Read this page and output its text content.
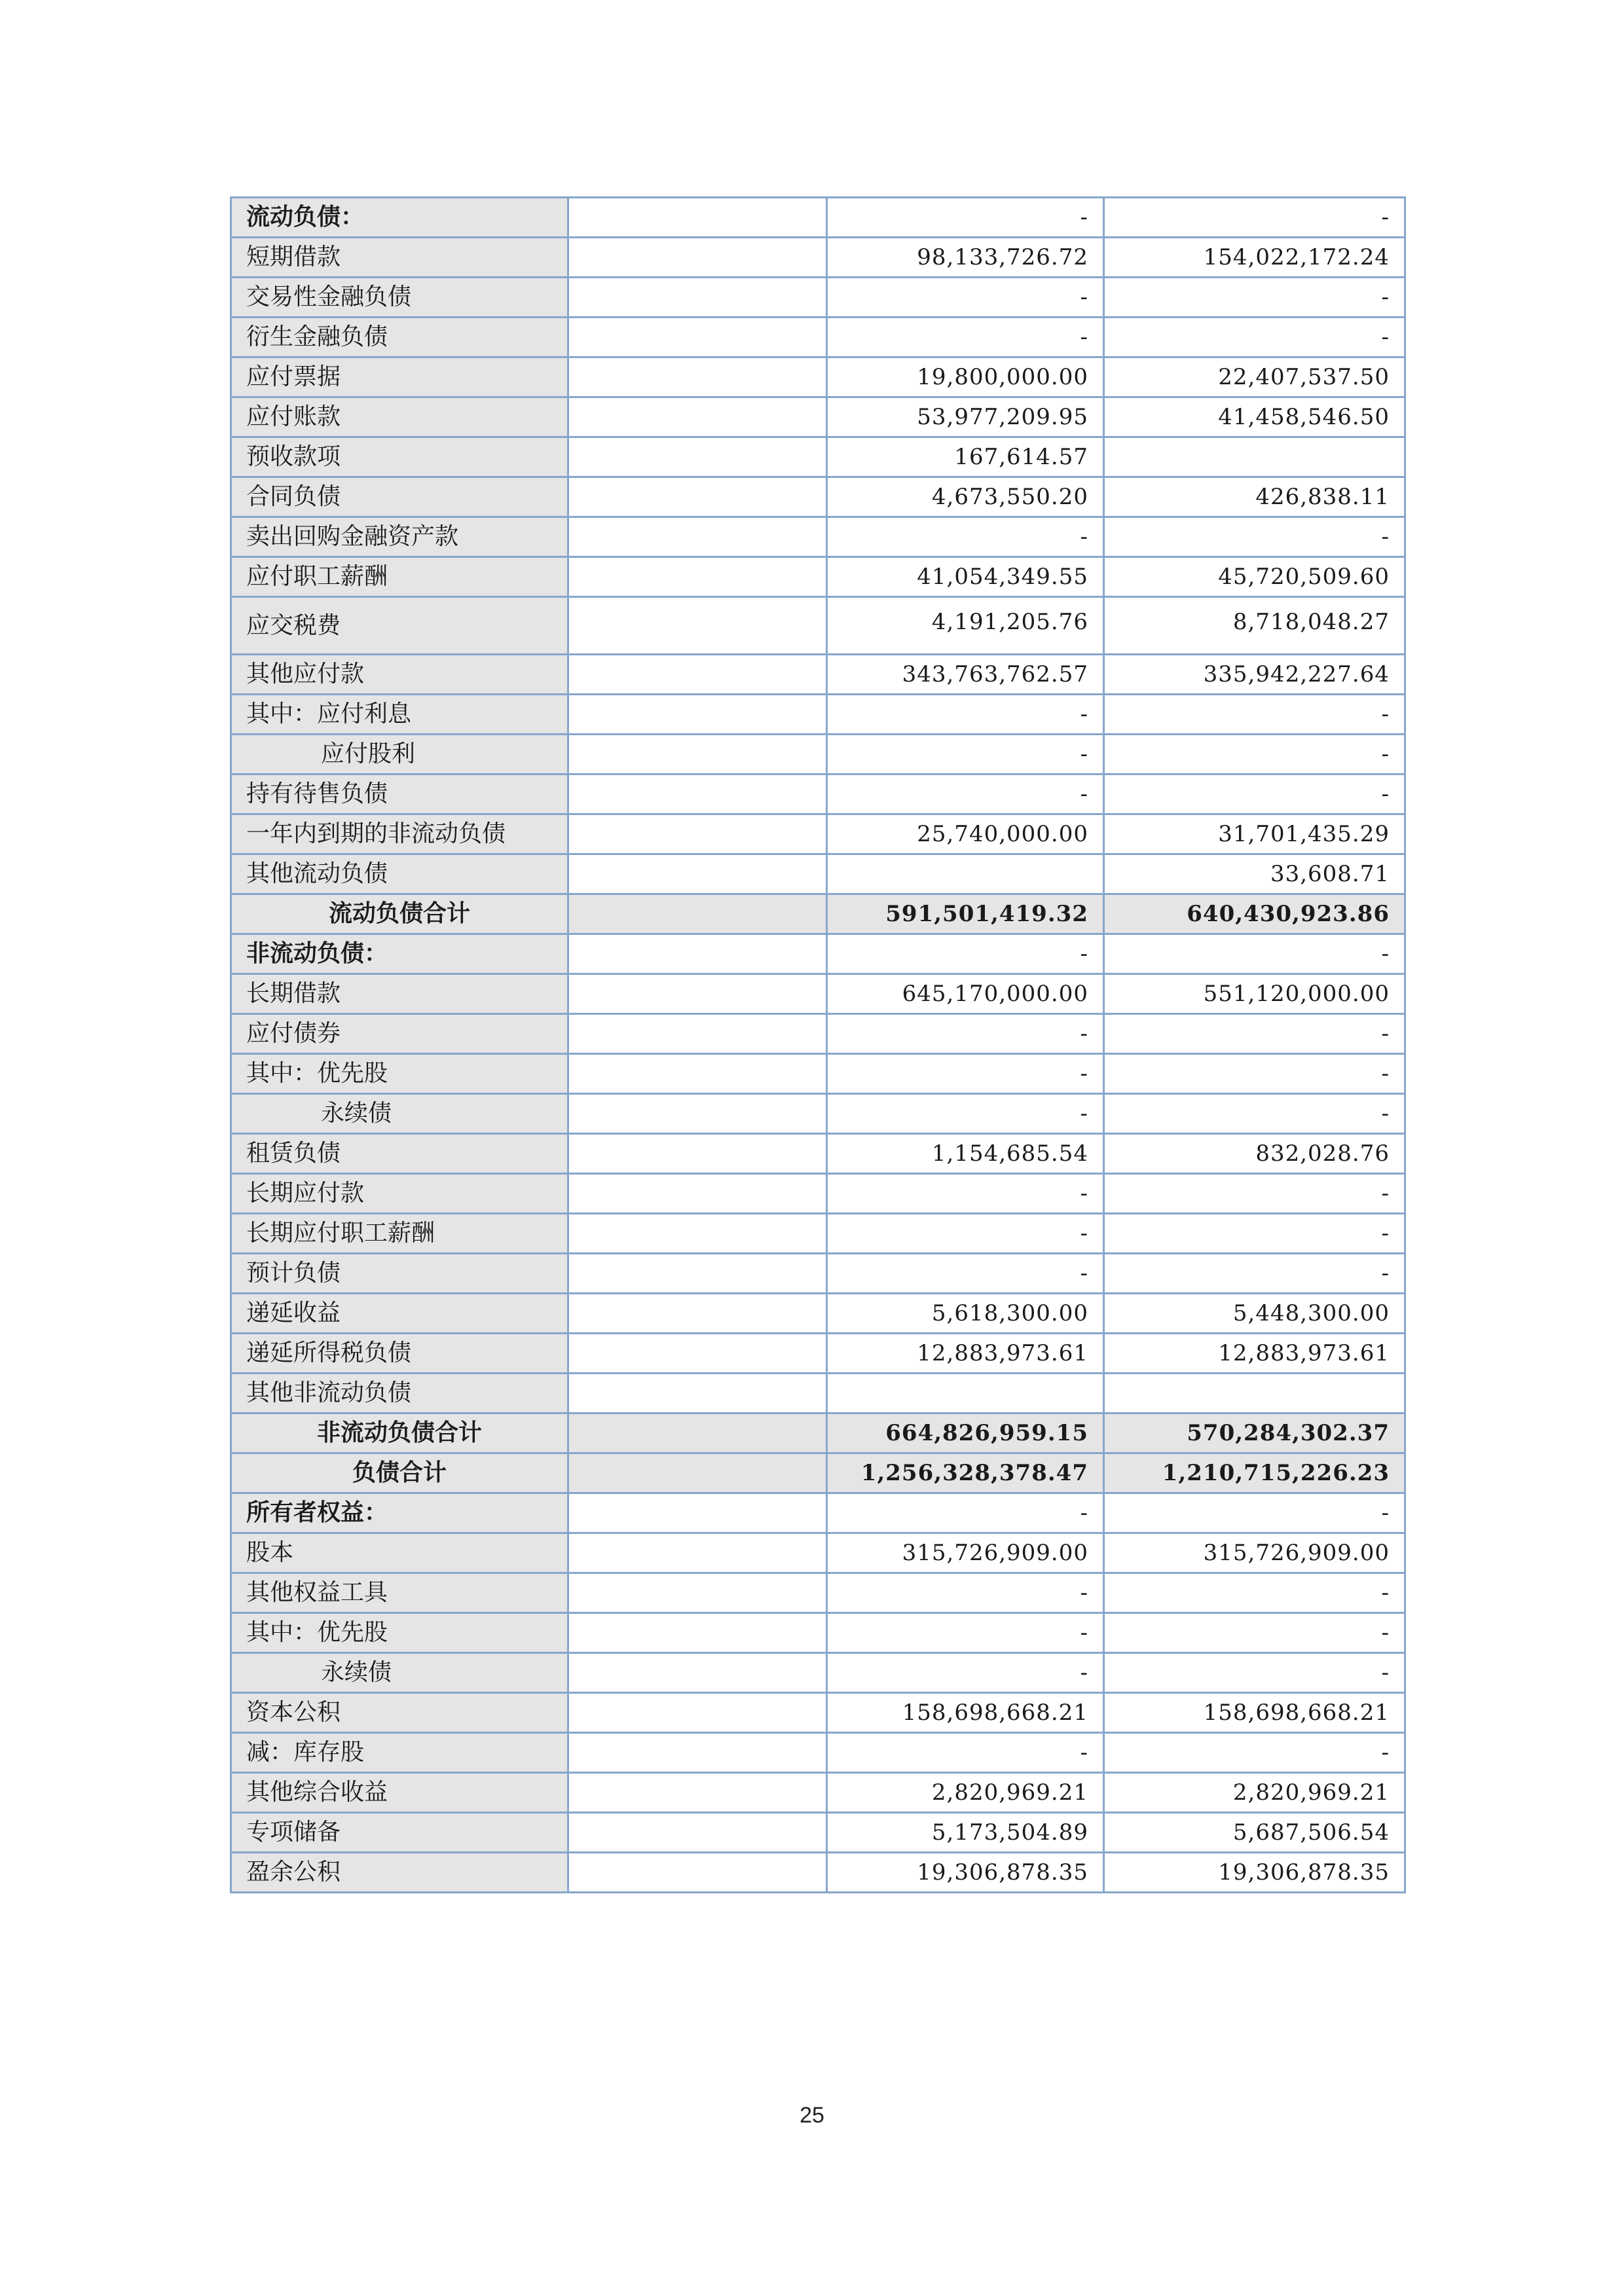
流动负债：		-	-
短期借款		98,133,726.72	154,022,172.24
交易性金融负债		-	-
衍生金融负债		-	-
应付票据		19,800,000.00	22,407,537.50
应付账款		53,977,209.95	41,458,546.50
预收款项		167,614.57	
合同负债		4,673,550.20	426,838.11
卖出回购金融资产款		-	-
应付职工薪酬		41,054,349.55	45,720,509.60
应交税费		4,191,205.76	8,718,048.27
其他应付款		343,763,762.57	335,942,227.64
其中：应付利息		-	-
应付股利		-	-
持有待售负债		-	-
一年内到期的非流动负债		25,740,000.00	31,701,435.29
其他流动负债			33,608.71
流动负债合计		591,501,419.32	640,430,923.86
非流动负债：		-	-
长期借款		645,170,000.00	551,120,000.00
应付债券		-	-
其中：优先股		-	-
永续债		-	-
租赁负债		1,154,685.54	832,028.76
长期应付款		-	-
长期应付职工薪酬		-	-
预计负债		-	-
递延收益		5,618,300.00	5,448,300.00
递延所得税负债		12,883,973.61	12,883,973.61
其他非流动负债			
非流动负债合计		664,826,959.15	570,284,302.37
负债合计		1,256,328,378.47	1,210,715,226.23
所有者权益：		-	-
股本		315,726,909.00	315,726,909.00
其他权益工具		-	-
其中：优先股		-	-
永续债		-	-
资本公积		158,698,668.21	158,698,668.21
减：库存股		-	-
其他综合收益		2,820,969.21	2,820,969.21
专项储备		5,173,504.89	5,687,506.54
盈余公积		19,306,878.35	19,306,878.35
25
